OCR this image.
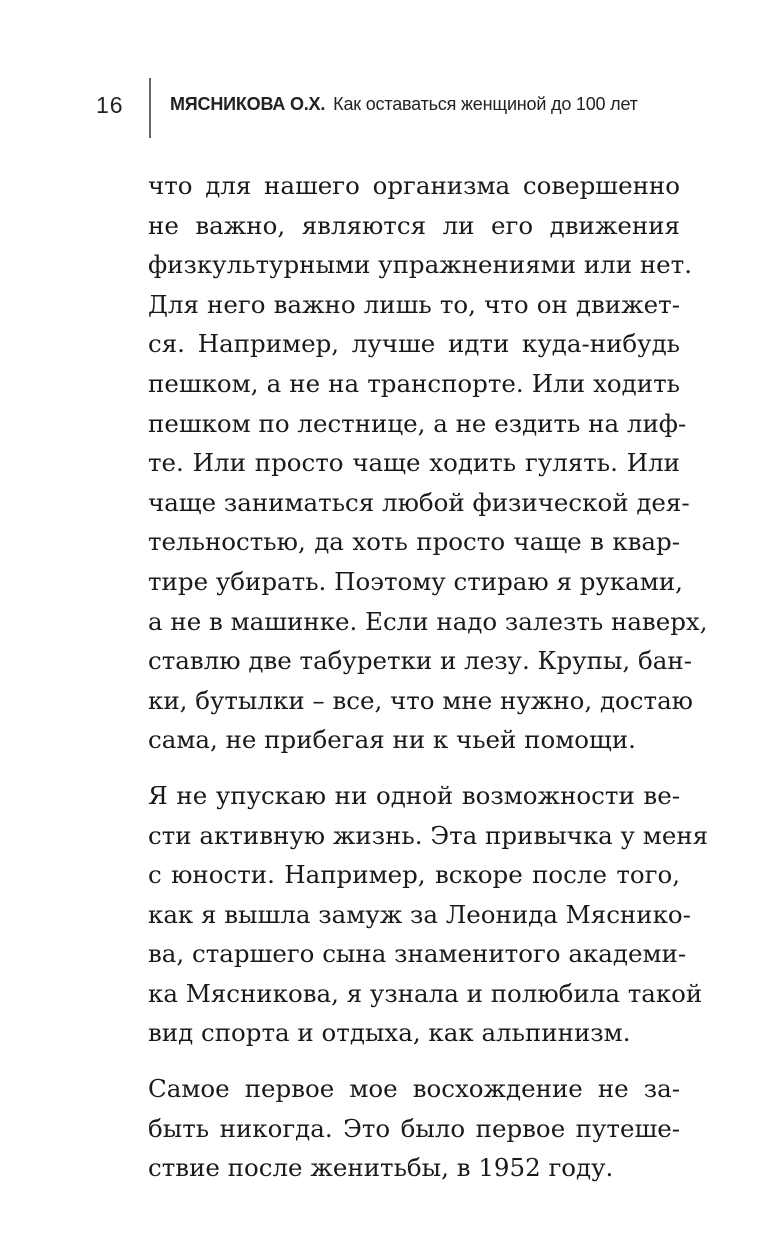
16	МЯСНИКОВА О.Х. Как оставаться женщиной до 100 лет
что для нашего организма совершенно
не важно, являются ли его движения
физкультурными упражнениями или нет.
Для него важно лишь то, что он движет-
ся. Например, лучше идти куда-нибудь
пешком, а не на транспорте. Или ходить
пешком по лестнице, а не ездить на лиф-
те. Или просто чаще ходить гулять. Или
чаще заниматься любой физической дея-
тельностью, да хоть просто чаще в квар-
тире убирать. Поэтому стираю я руками,
а не в машинке. Если надо залезть наверх,
ставлю две табуретки и лезу. Крупы, бан-
ки, бутылки – все, что мне нужно, достаю
сама, не прибегая ни к чьей помощи.
Я не упускаю ни одной возможности ве-
сти активную жизнь. Эта привычка у меня
с юности. Например, вскоре после того,
как я вышла замуж за Леонида Мяснико-
ва, старшего сына знаменитого академи-
ка Мясникова, я узнала и полюбила такой
вид спорта и отдыха, как альпинизм.
Самое первое мое восхождение не за-
быть никогда. Это было первое путеше-
ствие после женитьбы, в 1952 году.
